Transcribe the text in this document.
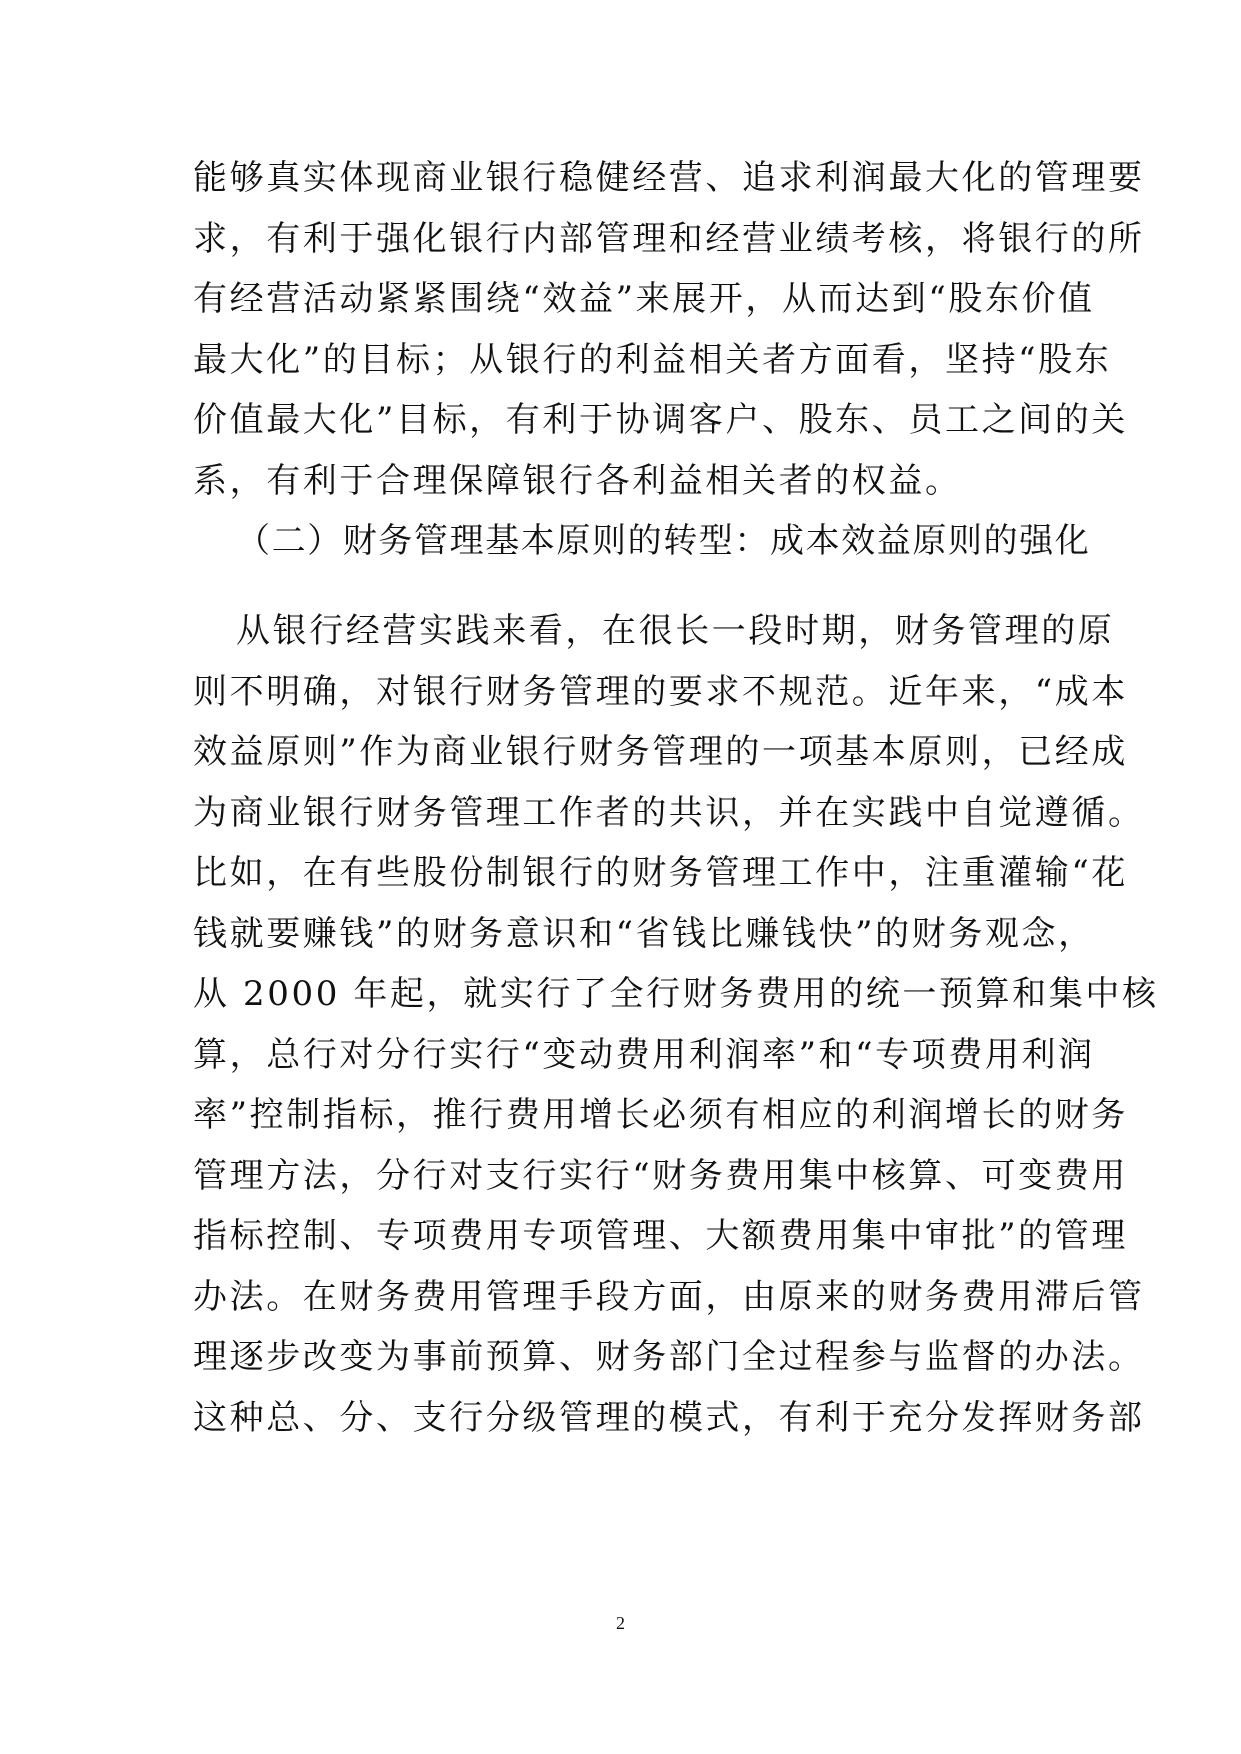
能够真实体现商业银行稳健经营、追求利润最大化的管理要
求，有利于强化银行内部管理和经营业绩考核，将银行的所
有经营活动紧紧围绕“效益”来展开，从而达到“股东价值
最大化”的目标；从银行的利益相关者方面看，坚持“股东
价值最大化”目标，有利于协调客户、股东、员工之间的关
系，有利于合理保障银行各利益相关者的权益。
（二）财务管理基本原则的转型：成本效益原则的强化
从银行经营实践来看，在很长一段时期，财务管理的原
则不明确，对银行财务管理的要求不规范。近年来，“成本
效益原则”作为商业银行财务管理的一项基本原则，已经成
为商业银行财务管理工作者的共识，并在实践中自觉遵循。
比如，在有些股份制银行的财务管理工作中，注重灌输“花
钱就要赚钱”的财务意识和“省钱比赚钱快”的财务观念，
从 2000 年起，就实行了全行财务费用的统一预算和集中核
算，总行对分行实行“变动费用利润率”和“专项费用利润
率”控制指标，推行费用增长必须有相应的利润增长的财务
管理方法，分行对支行实行“财务费用集中核算、可变费用
指标控制、专项费用专项管理、大额费用集中审批”的管理
办法。在财务费用管理手段方面，由原来的财务费用滞后管
理逐步改变为事前预算、财务部门全过程参与监督的办法。
这种总、分、支行分级管理的模式，有利于充分发挥财务部
2
